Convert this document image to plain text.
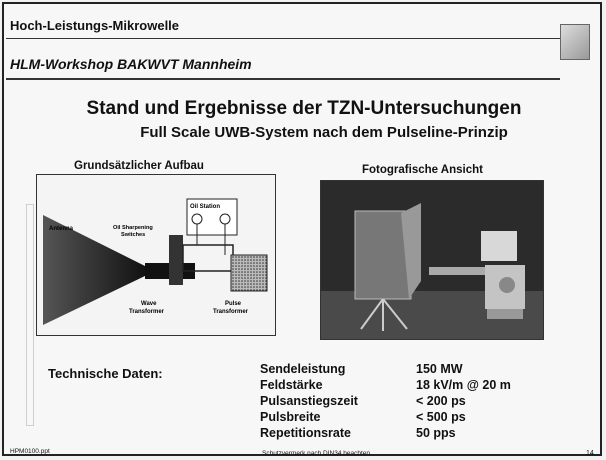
Hoch-Leistungs-Mikrowelle
HLM-Workshop BAKWVT Mannheim
Stand und Ergebnisse der TZN-Untersuchungen
Full Scale UWB-System nach dem Pulseline-Prinzip
Grundsätzlicher Aufbau	Fotografische Ansicht
Antenna	Oil Sharpening Switches
Oil Station
Wave Transformer
Pulse Transformer
Technische Daten:	Sendeleistung	150 MW
Feldstärke	18 kV/m @ 20 m
Pulsanstiegszeit	< 200 ps
Pulsbreite	< 500 ps
Repetitionsrate	50 pps
HPM0100.ppt	Schutzvermerk nach DIN34 beachten	14
